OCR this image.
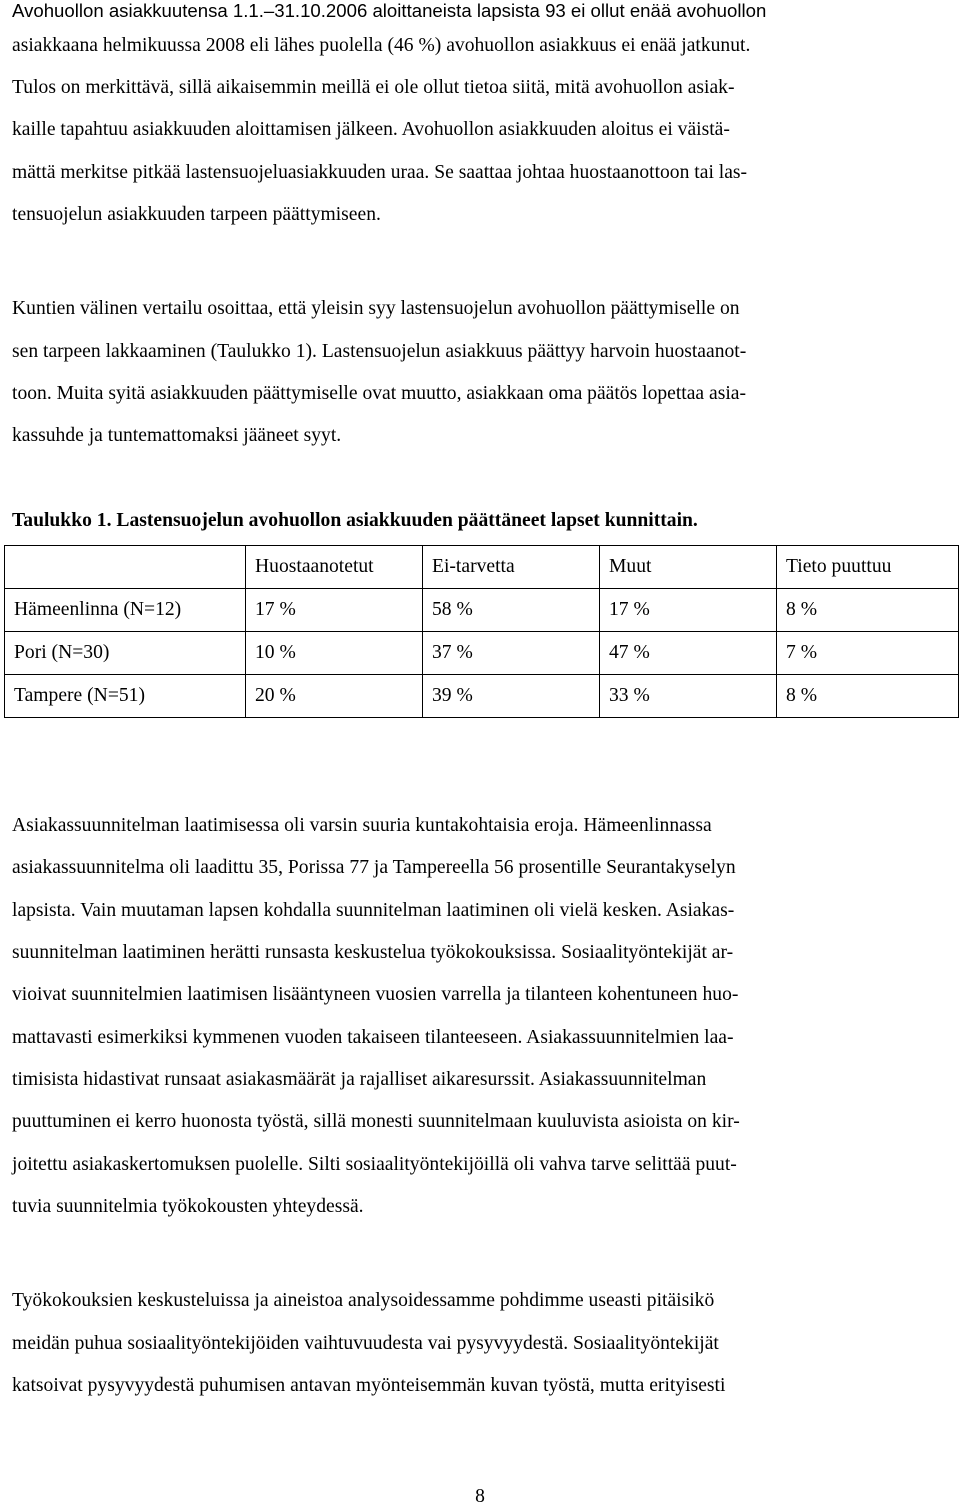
Avohuollon asiakkuutensa 1.1.–31.10.2006 aloittaneista lapsista 93 ei ollut enää avohuollon
asiakkaana helmikuussa 2008 eli lähes puolella (46 %) avohuollon asiakkuus ei enää jatkunut.
Tulos on merkittävä, sillä aikaisemmin meillä ei ole ollut tietoa siitä, mitä avohuollon asiak-
kaille tapahtuu asiakkuuden aloittamisen jälkeen. Avohuollon asiakkuuden aloitus ei väistä-
mättä merkitse pitkää lastensuojeluasiakkuuden uraa. Se saattaa johtaa huostaanottoon tai las-
tensuojelun asiakkuuden tarpeen päättymiseen.
Kuntien välinen vertailu osoittaa, että yleisin syy lastensuojelun avohuollon päättymiselle on
sen tarpeen lakkaaminen (Taulukko 1). Lastensuojelun asiakkuus päättyy harvoin huostaanot-
toon. Muita syitä asiakkuuden päättymiselle ovat muutto, asiakkaan oma päätös lopettaa asia-
kassuhde ja tuntemattomaksi jääneet syyt.
Taulukko 1. Lastensuojelun avohuollon asiakkuuden päättäneet lapset kunnittain.
	Huostaanotetut	Ei-tarvetta	Muut	Tieto puuttuu
Hämeenlinna (N=12)	17 %	58 %	17 %	8 %
Pori (N=30)	10 %	37 %	47 %	7 %
Tampere (N=51)	20 %	39 %	33 %	8 %
Asiakassuunnitelman laatimisessa oli varsin suuria kuntakohtaisia eroja. Hämeenlinnassa
asiakassuunnitelma oli laadittu 35, Porissa 77 ja Tampereella 56 prosentille Seurantakyselyn
lapsista. Vain muutaman lapsen kohdalla suunnitelman laatiminen oli vielä kesken. Asiakas-
suunnitelman laatiminen herätti runsasta keskustelua työkokouksissa. Sosiaalityöntekijät ar-
vioivat suunnitelmien laatimisen lisääntyneen vuosien varrella ja tilanteen kohentuneen huo-
mattavasti esimerkiksi kymmenen vuoden takaiseen tilanteeseen. Asiakassuunnitelmien laa-
timisista hidastivat runsaat asiakasmäärät ja rajalliset aikaresurssit. Asiakassuunnitelman
puuttuminen ei kerro huonosta työstä, sillä monesti suunnitelmaan kuuluvista asioista on kir-
joitettu asiakaskertomuksen puolelle. Silti sosiaalityöntekijöillä oli vahva tarve selittää puut-
tuvia suunnitelmia työkokousten yhteydessä.
Työkokouksien keskusteluissa ja aineistoa analysoidessamme pohdimme useasti pitäisikö
meidän puhua sosiaalityöntekijöiden vaihtuvuudesta vai pysyvyydestä. Sosiaalityöntekijät
katsoivat pysyvyydestä puhumisen antavan myönteisemmän kuvan työstä, mutta erityisesti
8
